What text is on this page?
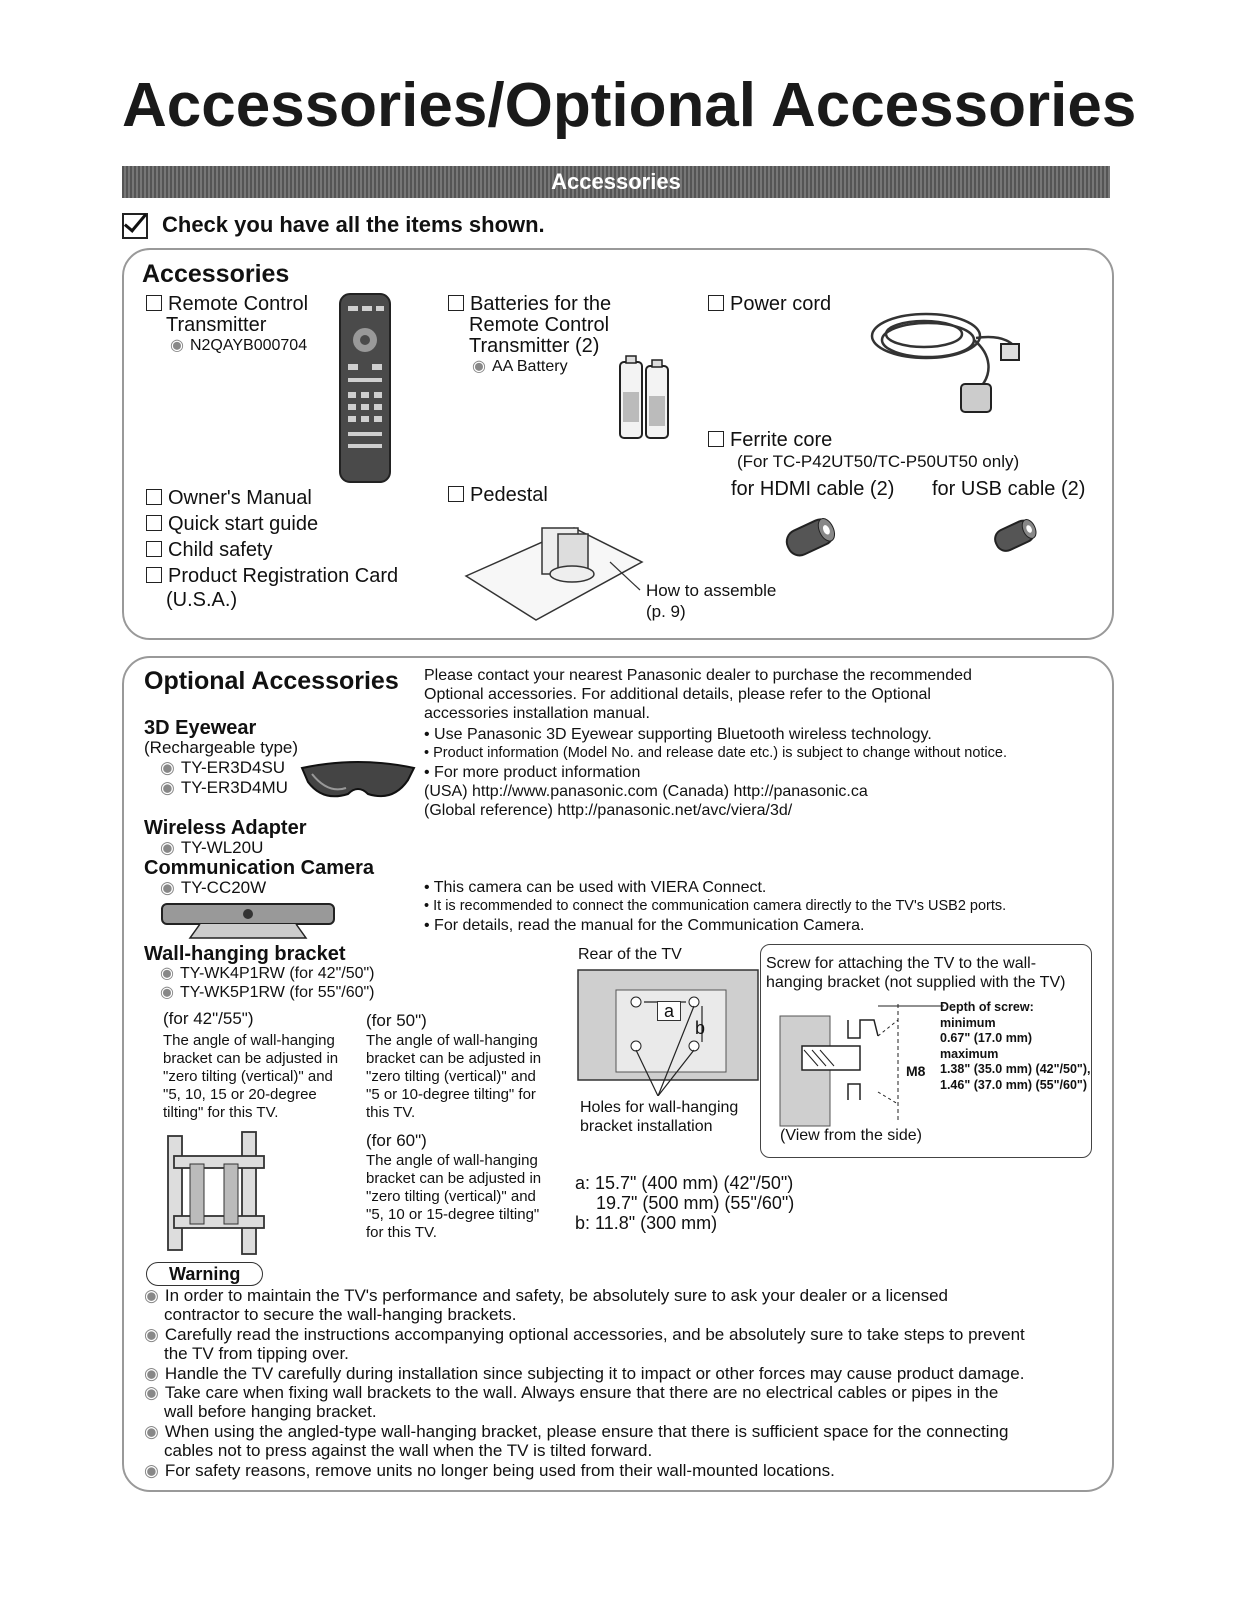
Accessories/Optional Accessories
Accessories
Check you have all the items shown.
Accessories
Remote Control
Transmitter
◉ N2QAYB000704
Batteries for the
Remote Control
Transmitter (2)
◉ AA Battery
Power cord
Ferrite core
(For TC-P42UT50/TC-P50UT50 only)
for HDMI cable (2) for USB cable (2)
Owner's Manual
Quick start guide
Child safety
Product Registration Card
(U.S.A.)
Pedestal
How to assemble
(p. 9)
Optional Accessories Please contact your nearest Panasonic dealer to purchase the recommended
Optional accessories. For additional details, please refer to the Optional
accessories installation manual.
3D Eyewear
(Rechargeable type)
◉ TY-ER3D4SU
◉ TY-ER3D4MU
• Use Panasonic 3D Eyewear supporting Bluetooth wireless technology.
• Product information (Model No. and release date etc.) is subject to change without notice.
• For more product information
(USA) http://www.panasonic.com (Canada) http://panasonic.ca
(Global reference) http://panasonic.net/avc/viera/3d/
Wireless Adapter
◉ TY-WL20U
Communication Camera
◉ TY-CC20W	• This camera can be used with VIERA Connect.
• It is recommended to connect the communication camera directly to the TV's USB2 ports.
• For details, read the manual for the Communication Camera.
Wall-hanging bracket
◉ TY-WK4P1RW (for 42"/50")
◉ TY-WK5P1RW (for 55"/60")
(for 42"/55")
The angle of wall-hanging
bracket can be adjusted in
"zero tilting (vertical)" and
"5, 10, 15 or 20-degree
tilting" for this TV.
(for 50")
The angle of wall-hanging
bracket can be adjusted in
"zero tilting (vertical)" and
"5 or 10-degree tilting" for
this TV.
(for 60")
The angle of wall-hanging
bracket can be adjusted in
"zero tilting (vertical)" and
"5, 10 or 15-degree tilting"
for this TV.
Rear of the TV
a
b
Holes for wall-hanging
bracket installation
Screw for attaching the TV to the wall-
hanging bracket (not supplied with the TV)
M8
Depth of screw:
minimum
0.67" (17.0 mm)
maximum
1.38" (35.0 mm) (42"/50"),
1.46" (37.0 mm) (55"/60")
(View from the side)
a: 15.7" (400 mm) (42"/50")
19.7" (500 mm) (55"/60")
b: 11.8" (300 mm)
Warning
◉ In order to maintain the TV's performance and safety, be absolutely sure to ask your dealer or a licensed
contractor to secure the wall-hanging brackets.
◉ Carefully read the instructions accompanying optional accessories, and be absolutely sure to take steps to prevent
the TV from tipping over.
◉ Handle the TV carefully during installation since subjecting it to impact or other forces may cause product damage.
◉ Take care when fixing wall brackets to the wall. Always ensure that there are no electrical cables or pipes in the
wall before hanging bracket.
◉ When using the angled-type wall-hanging bracket, please ensure that there is sufficient space for the connecting
cables not to press against the wall when the TV is tilted forward.
◉ For safety reasons, remove units no longer being used from their wall-mounted locations.
